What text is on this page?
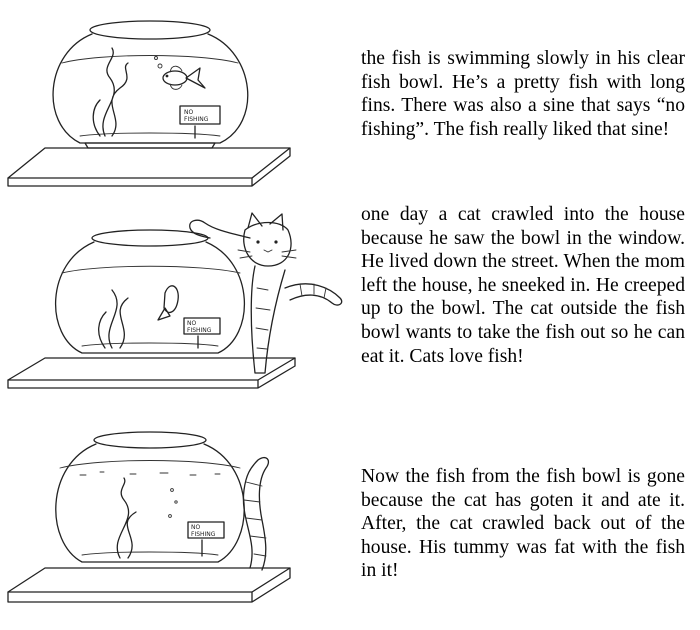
NO
FISHING
NO
FISHING
NO
FISHING

the fish is swimming slowly in his clear fish bowl. He’s a pretty fish with long fins. There was also a sine that says “no fishing”. The fish really liked that sine!

one day a cat crawled into the house because he saw the bowl in the window. He lived down the street. When the mom left the house, he sneeked in. He creeped up to the bowl. The cat outside the fish bowl wants to take the fish out so he can eat it. Cats love fish!

Now the fish from the fish bowl is gone because the cat has goten it and ate it. After, the cat crawled back out of the house. His tummy was fat with the fish in it!
